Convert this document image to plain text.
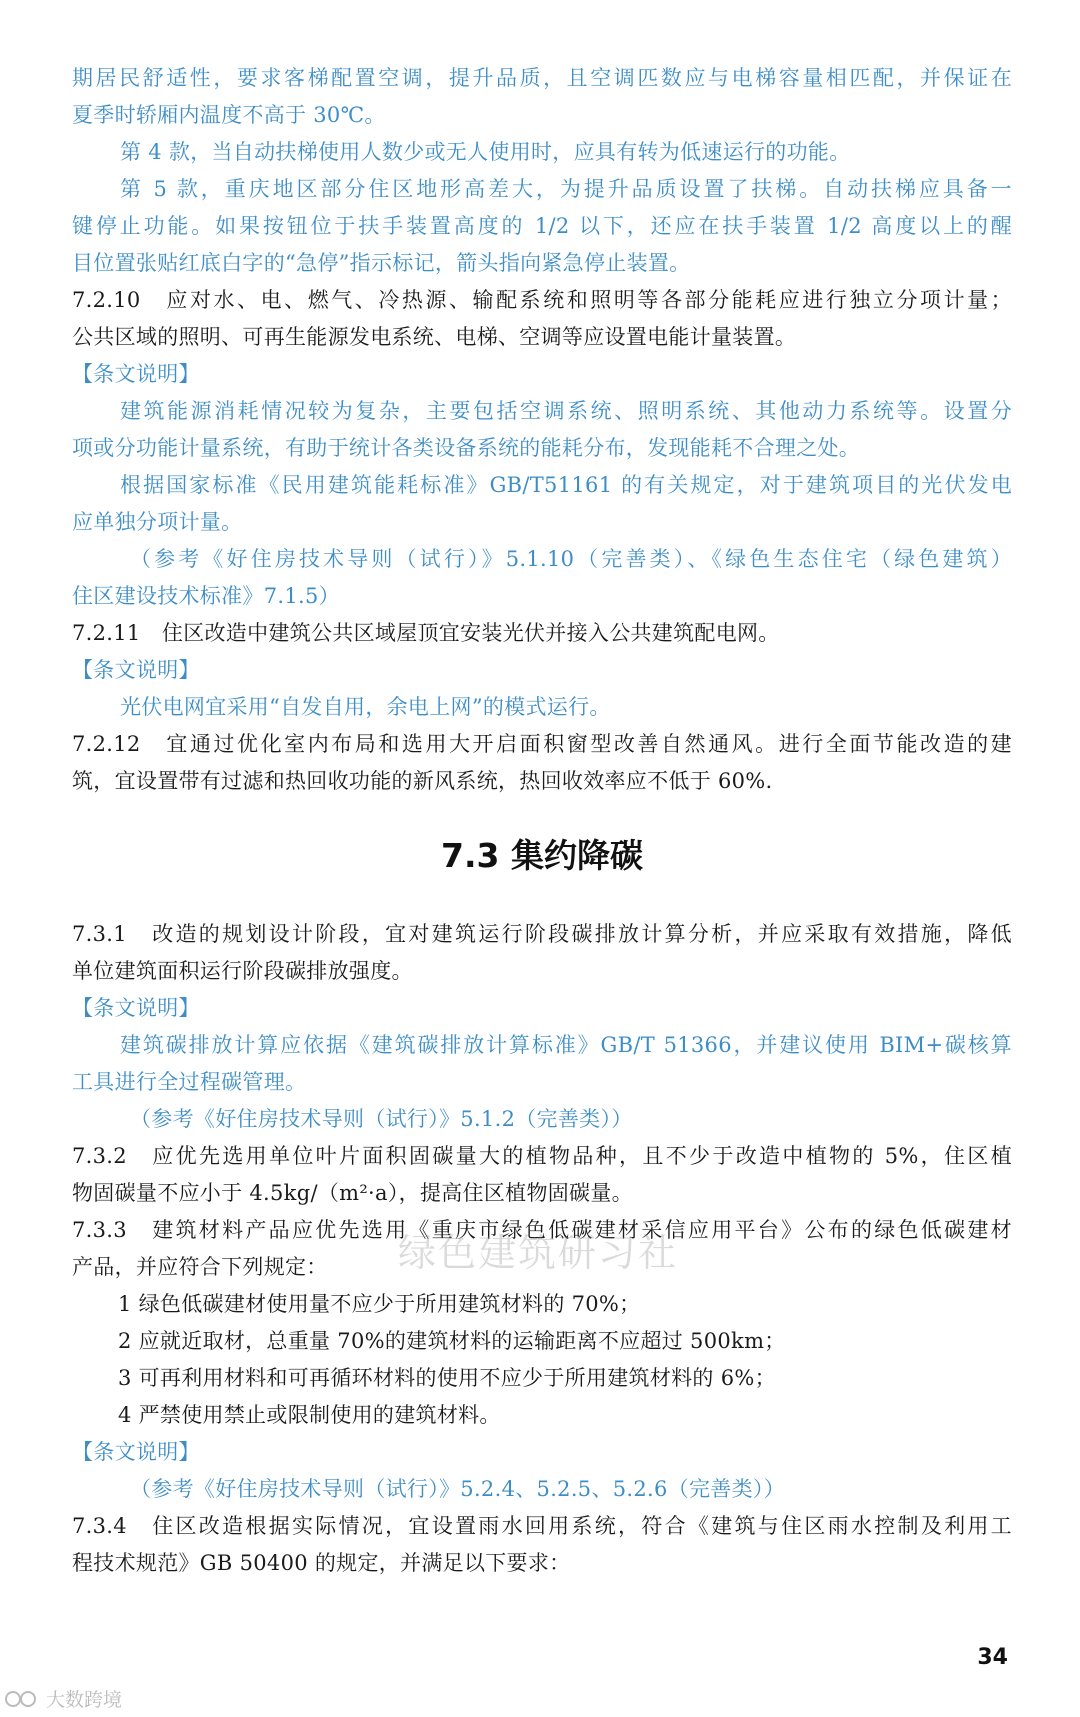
期居民舒适性，要求客梯配置空调，提升品质，且空调匹数应与电梯容量相匹配，并保证在
夏季时轿厢内温度不高于 30℃。
第 4 款，当自动扶梯使用人数少或无人使用时，应具有转为低速运行的功能。
第 5 款，重庆地区部分住区地形高差大，为提升品质设置了扶梯。自动扶梯应具备一
键停止功能。如果按钮位于扶手装置高度的 1/2 以下，还应在扶手装置 1/2 高度以上的醒
目位置张贴红底白字的“急停”指示标记，箭头指向紧急停止装置。
7.2.10　应对水、电、燃气、冷热源、输配系统和照明等各部分能耗应进行独立分项计量；
公共区域的照明、可再生能源发电系统、电梯、空调等应设置电能计量装置。
【条文说明】
建筑能源消耗情况较为复杂，主要包括空调系统、照明系统、其他动力系统等。设置分
项或分功能计量系统，有助于统计各类设备系统的能耗分布，发现能耗不合理之处。
根据国家标准《民用建筑能耗标准》GB/T51161 的有关规定，对于建筑项目的光伏发电
应单独分项计量。
（参考《好住房技术导则（试行）》5.1.10（完善类）、《绿色生态住宅（绿色建筑）
住区建设技术标准》7.1.5）
7.2.11　住区改造中建筑公共区域屋顶宜安装光伏并接入公共建筑配电网。
【条文说明】
光伏电网宜采用“自发自用，余电上网”的模式运行。
7.2.12　宜通过优化室内布局和选用大开启面积窗型改善自然通风。进行全面节能改造的建
筑，宜设置带有过滤和热回收功能的新风系统，热回收效率应不低于 60%.
7.3 集约降碳
7.3.1　改造的规划设计阶段，宜对建筑运行阶段碳排放计算分析，并应采取有效措施，降低
单位建筑面积运行阶段碳排放强度。
【条文说明】
建筑碳排放计算应依据《建筑碳排放计算标准》GB/T 51366，并建议使用 BIM+碳核算
工具进行全过程碳管理。
（参考《好住房技术导则（试行）》5.1.2（完善类））
7.3.2　应优先选用单位叶片面积固碳量大的植物品种，且不少于改造中植物的 5%，住区植
物固碳量不应小于 4.5kg/（m²·a），提高住区植物固碳量。
7.3.3　建筑材料产品应优先选用《重庆市绿色低碳建材采信应用平台》公布的绿色低碳建材
产品，并应符合下列规定：
1 绿色低碳建材使用量不应少于所用建筑材料的 70%；
2 应就近取材，总重量 70%的建筑材料的运输距离不应超过 500km；
3 可再利用材料和可再循环材料的使用不应少于所用建筑材料的 6%；
4 严禁使用禁止或限制使用的建筑材料。
【条文说明】
（参考《好住房技术导则（试行）》5.2.4、5.2.5、5.2.6（完善类））
7.3.4　住区改造根据实际情况，宜设置雨水回用系统，符合《建筑与住区雨水控制及利用工
程技术规范》GB 50400 的规定，并满足以下要求：
绿色建筑研习社
34
大数跨境
